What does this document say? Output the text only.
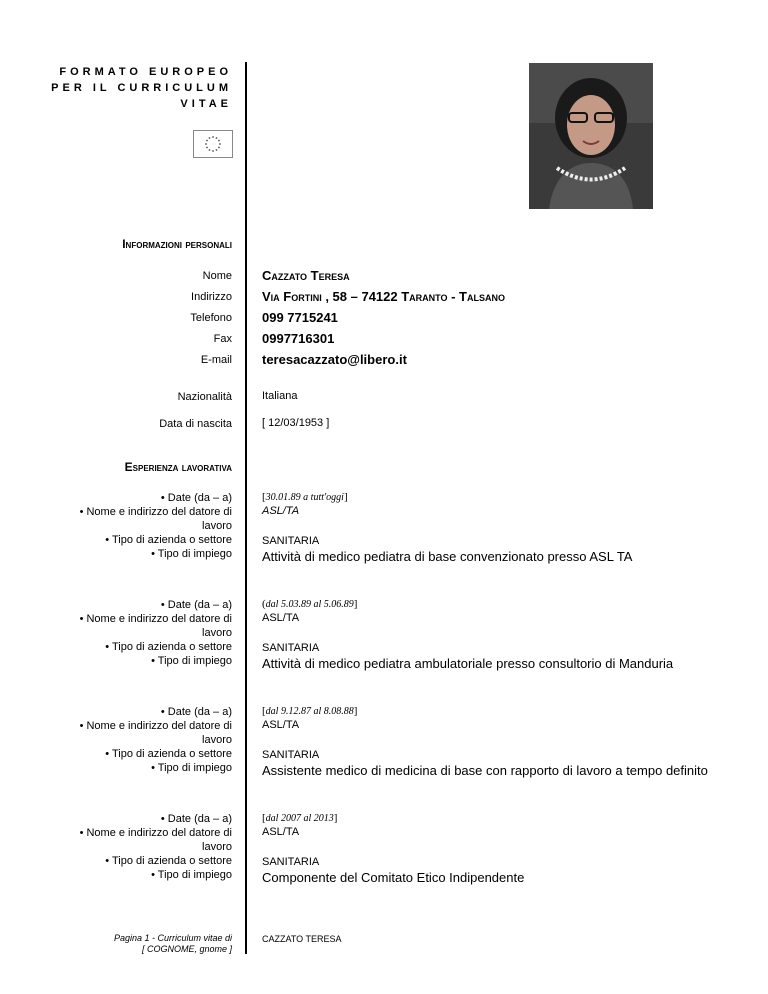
FORMATO EUROPEO
PER IL CURRICULUM
VITAE
Informazioni personali
Nome Cazzato Teresa
Indirizzo Via Fortini , 58 – 74122 Taranto - Talsano
Telefono 099 7715241
Fax 0997716301
E-mail teresacazzato@libero.it
Nazionalità	Italiana
Data di nascita	[ 12/03/1953 ]
Esperienza lavorativa
• Date (da – a)
• Nome e indirizzo del datore di
lavoro
• Tipo di azienda o settore
• Tipo di impiego
[30.01.89 a tutt'oggi]
ASL/TA
SANITARIA
Attività di medico pediatra di base convenzionato presso ASL TA
• Date (da – a)
• Nome e indirizzo del datore di
lavoro
• Tipo di azienda o settore
• Tipo di impiego
(dal 5.03.89 al 5.06.89]
ASL/TA
SANITARIA
Attività di medico pediatra ambulatoriale presso consultorio di Manduria
• Date (da – a)
• Nome e indirizzo del datore di
lavoro
• Tipo di azienda o settore
• Tipo di impiego
[dal 9.12.87 al 8.08.88]
ASL/TA
SANITARIA
Assistente medico di medicina di base con rapporto di lavoro a tempo definito
• Date (da – a)
• Nome e indirizzo del datore di
lavoro
• Tipo di azienda o settore
• Tipo di impiego
[dal 2007 al 2013]
ASL/TA
SANITARIA
Componente del Comitato Etico Indipendente
Pagina 1 - Curriculum vitae di
[ COGNOME, gnome ]
CAZZATO TERESA
